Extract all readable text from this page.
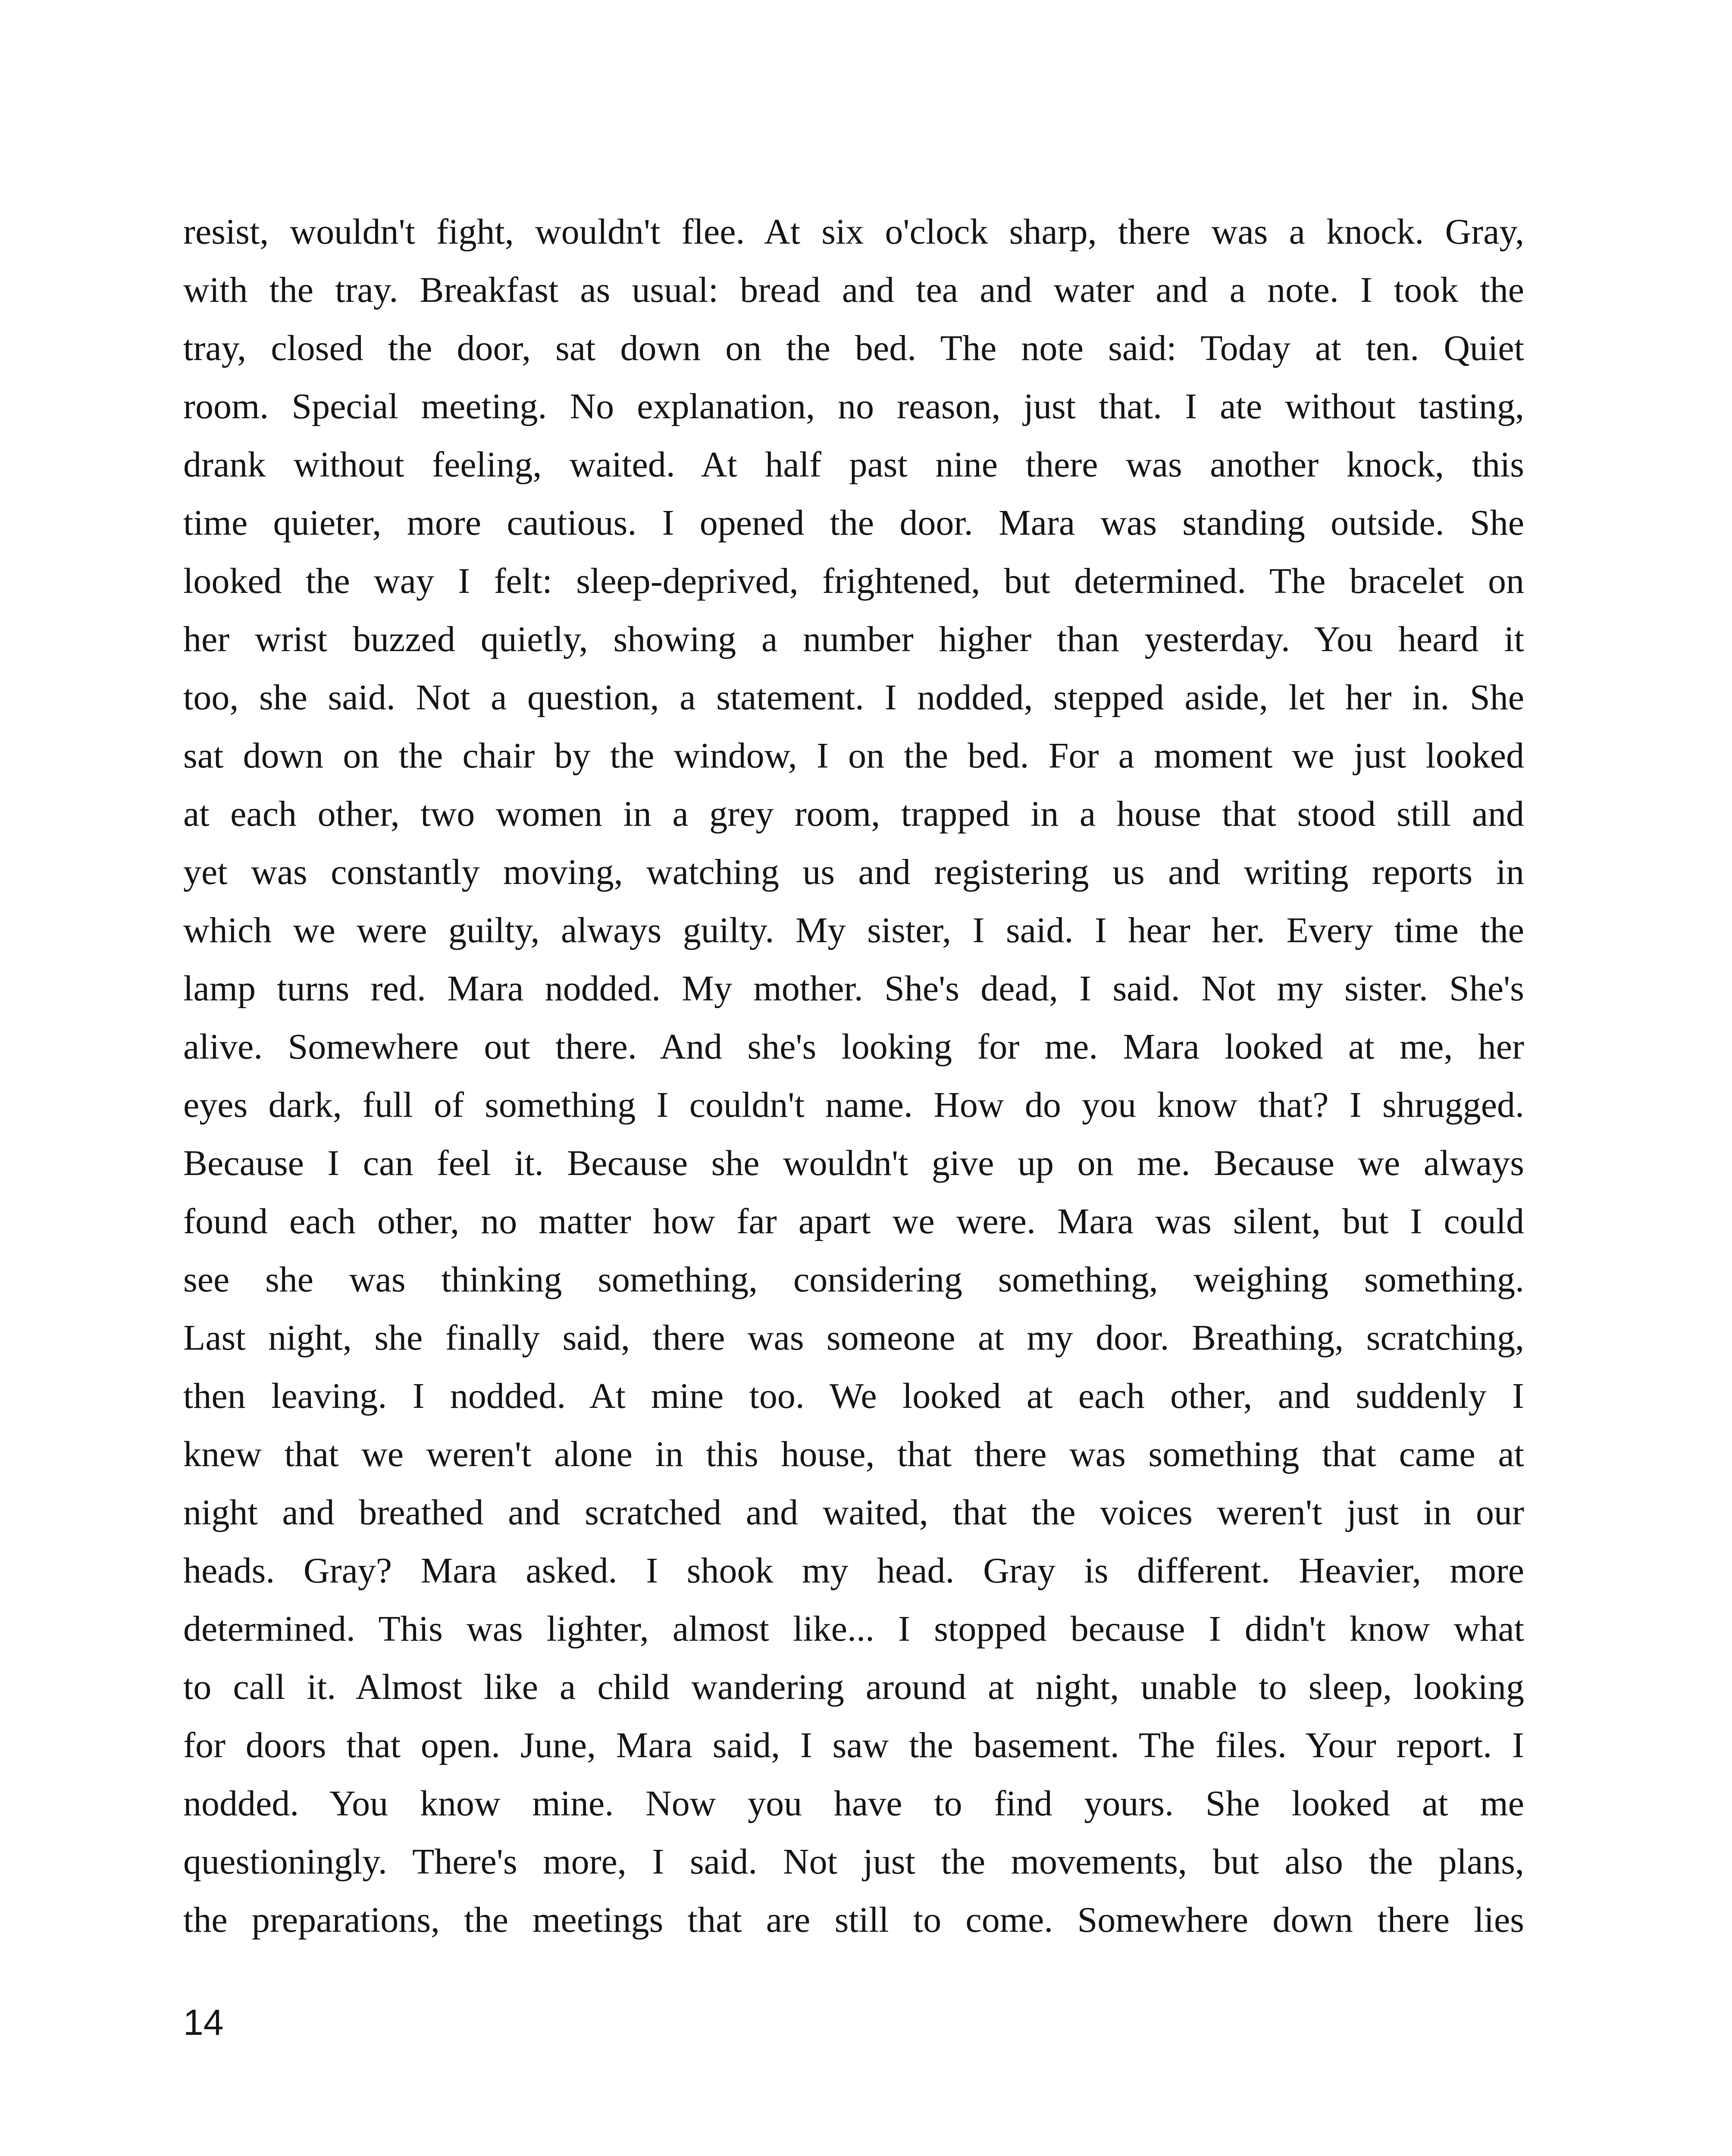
resist, wouldn't fight, wouldn't flee. At six o'clock sharp, there was a knock. Gray,
with the tray. Breakfast as usual: bread and tea and water and a note. I took the
tray, closed the door, sat down on the bed. The note said: Today at ten. Quiet
room. Special meeting. No explanation, no reason, just that. I ate without tasting,
drank without feeling, waited. At half past nine there was another knock, this
time quieter, more cautious. I opened the door. Mara was standing outside. She
looked the way I felt: sleep-deprived, frightened, but determined. The bracelet on
her wrist buzzed quietly, showing a number higher than yesterday. You heard it
too, she said. Not a question, a statement. I nodded, stepped aside, let her in. She
sat down on the chair by the window, I on the bed. For a moment we just looked
at each other, two women in a grey room, trapped in a house that stood still and
yet was constantly moving, watching us and registering us and writing reports in
which we were guilty, always guilty. My sister, I said. I hear her. Every time the
lamp turns red. Mara nodded. My mother. She's dead, I said. Not my sister. She's
alive. Somewhere out there. And she's looking for me. Mara looked at me, her
eyes dark, full of something I couldn't name. How do you know that? I shrugged.
Because I can feel it. Because she wouldn't give up on me. Because we always
found each other, no matter how far apart we were. Mara was silent, but I could
see she was thinking something, considering something, weighing something.
Last night, she finally said, there was someone at my door. Breathing, scratching,
then leaving. I nodded. At mine too. We looked at each other, and suddenly I
knew that we weren't alone in this house, that there was something that came at
night and breathed and scratched and waited, that the voices weren't just in our
heads. Gray? Mara asked. I shook my head. Gray is different. Heavier, more
determined. This was lighter, almost like... I stopped because I didn't know what
to call it. Almost like a child wandering around at night, unable to sleep, looking
for doors that open. June, Mara said, I saw the basement. The files. Your report. I
nodded. You know mine. Now you have to find yours. She looked at me
questioningly. There's more, I said. Not just the movements, but also the plans,
the preparations, the meetings that are still to come. Somewhere down there lies
14
